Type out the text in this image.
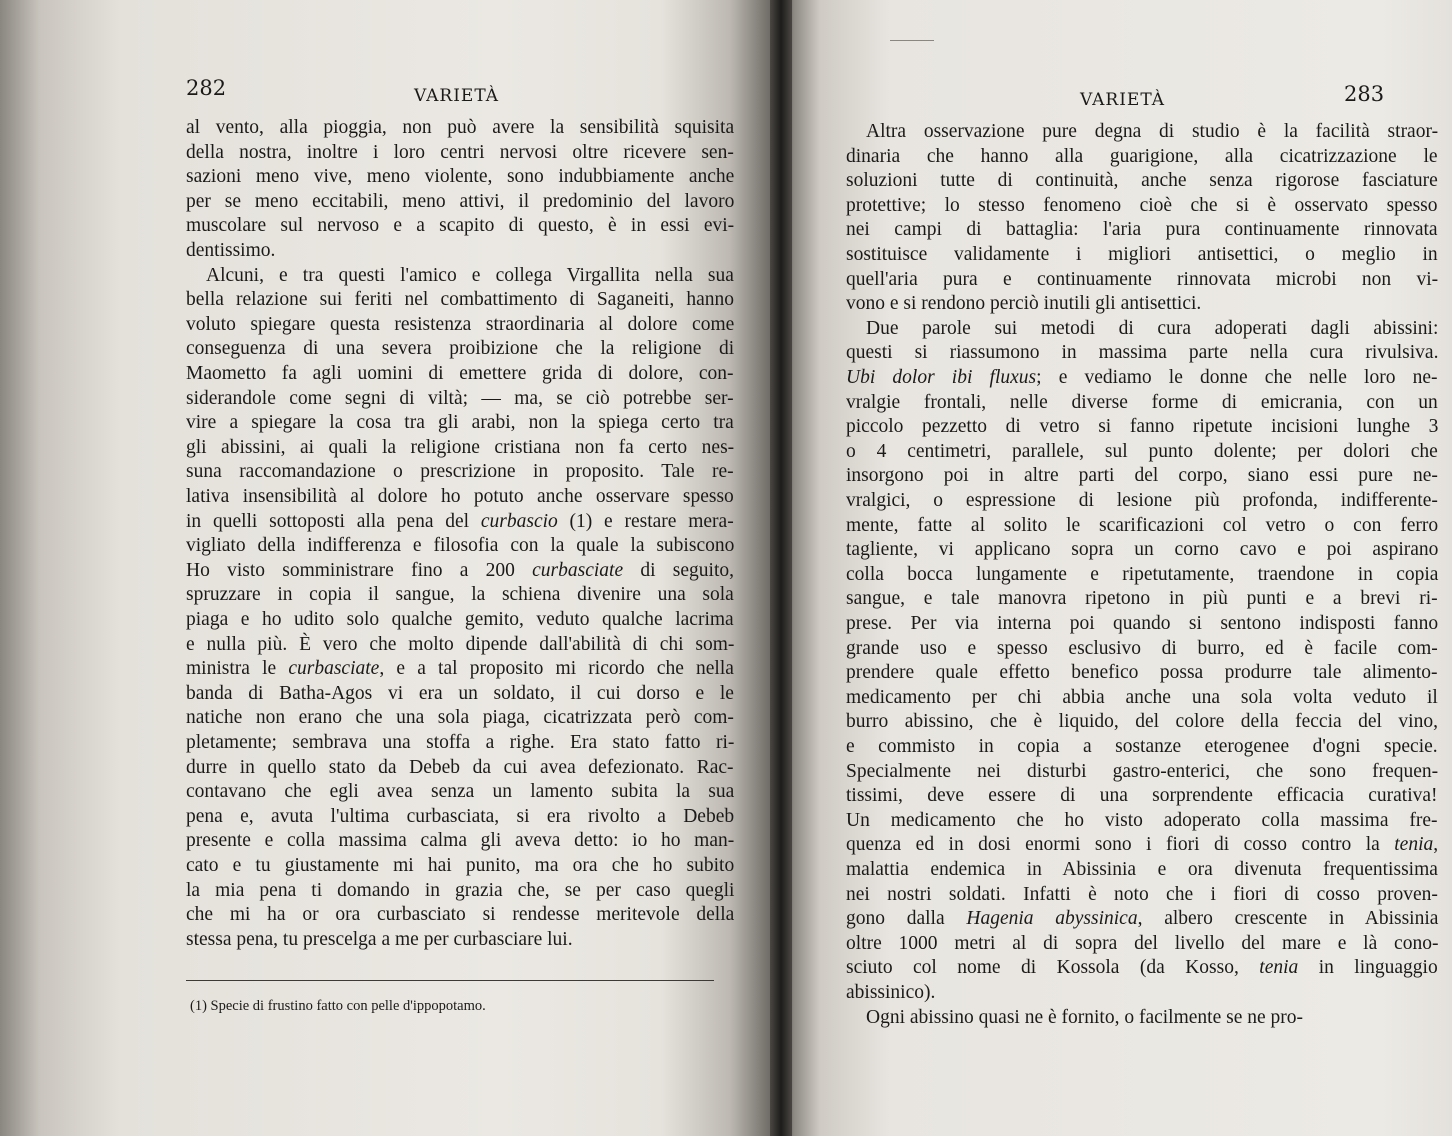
282	VARIETÀ
al vento, alla pioggia, non può avere la sensibilità squisita
della nostra, inoltre i loro centri nervosi oltre ricevere sen-
sazioni meno vive, meno violente, sono indubbiamente anche
per se meno eccitabili, meno attivi, il predominio del lavoro
muscolare sul nervoso e a scapito di questo, è in essi evi-
dentissimo.
Alcuni, e tra questi l'amico e collega Virgallita nella sua
bella relazione sui feriti nel combattimento di Saganeiti, hanno
voluto spiegare questa resistenza straordinaria al dolore come
conseguenza di una severa proibizione che la religione di
Maometto fa agli uomini di emettere grida di dolore, con-
siderandole come segni di viltà; — ma, se ciò potrebbe ser-
vire a spiegare la cosa tra gli arabi, non la spiega certo tra
gli abissini, ai quali la religione cristiana non fa certo nes-
suna raccomandazione o prescrizione in proposito. Tale re-
lativa insensibilità al dolore ho potuto anche osservare spesso
in quelli sottoposti alla pena del curbascio (1) e restare mera-
vigliato della indifferenza e filosofia con la quale la subiscono
Ho visto somministrare fino a 200 curbasciate di seguito,
spruzzare in copia il sangue, la schiena divenire una sola
piaga e ho udito solo qualche gemito, veduto qualche lacrima
e nulla più. È vero che molto dipende dall'abilità di chi som-
ministra le curbasciate, e a tal proposito mi ricordo che nella
banda di Batha-Agos vi era un soldato, il cui dorso e le
natiche non erano che una sola piaga, cicatrizzata però com-
pletamente; sembrava una stoffa a righe. Era stato fatto ri-
durre in quello stato da Debeb da cui avea defezionato. Rac-
contavano che egli avea senza un lamento subita la sua
pena e, avuta l'ultima curbasciata, si era rivolto a Debeb
presente e colla massima calma gli aveva detto: io ho man-
cato e tu giustamente mi hai punito, ma ora che ho subito
la mia pena ti domando in grazia che, se per caso quegli
che mi ha or ora curbasciato si rendesse meritevole della
stessa pena, tu prescelga a me per curbasciare lui.
(1) Specie di frustino fatto con pelle d'ippopotamo.
VARIETÀ	283
Altra osservazione pure degna di studio è la facilità straor-
dinaria che hanno alla guarigione, alla cicatrizzazione le
soluzioni tutte di continuità, anche senza rigorose fasciature
protettive; lo stesso fenomeno cioè che si è osservato spesso
nei campi di battaglia: l'aria pura continuamente rinnovata
sostituisce validamente i migliori antisettici, o meglio in
quell'aria pura e continuamente rinnovata microbi non vi-
vono e si rendono perciò inutili gli antisettici.
Due parole sui metodi di cura adoperati dagli abissini:
questi si riassumono in massima parte nella cura rivulsiva.
Ubi dolor ibi fluxus; e vediamo le donne che nelle loro ne-
vralgie frontali, nelle diverse forme di emicrania, con un
piccolo pezzetto di vetro si fanno ripetute incisioni lunghe 3
o 4 centimetri, parallele, sul punto dolente; per dolori che
insorgono poi in altre parti del corpo, siano essi pure ne-
vralgici, o espressione di lesione più profonda, indifferente-
mente, fatte al solito le scarificazioni col vetro o con ferro
tagliente, vi applicano sopra un corno cavo e poi aspirano
colla bocca lungamente e ripetutamente, traendone in copia
sangue, e tale manovra ripetono in più punti e a brevi ri-
prese. Per via interna poi quando si sentono indisposti fanno
grande uso e spesso esclusivo di burro, ed è facile com-
prendere quale effetto benefico possa produrre tale alimento-
medicamento per chi abbia anche una sola volta veduto il
burro abissino, che è liquido, del colore della feccia del vino,
e commisto in copia a sostanze eterogenee d'ogni specie.
Specialmente nei disturbi gastro-enterici, che sono frequen-
tissimi, deve essere di una sorprendente efficacia curativa!
Un medicamento che ho visto adoperato colla massima fre-
quenza ed in dosi enormi sono i fiori di cosso contro la tenia,
malattia endemica in Abissinia e ora divenuta frequentissima
nei nostri soldati. Infatti è noto che i fiori di cosso proven-
gono dalla Hagenia abyssinica, albero crescente in Abissinia
oltre 1000 metri al di sopra del livello del mare e là cono-
sciuto col nome di Kossola (da Kosso, tenia in linguaggio
abissinico).
Ogni abissino quasi ne è fornito, o facilmente se ne pro-
